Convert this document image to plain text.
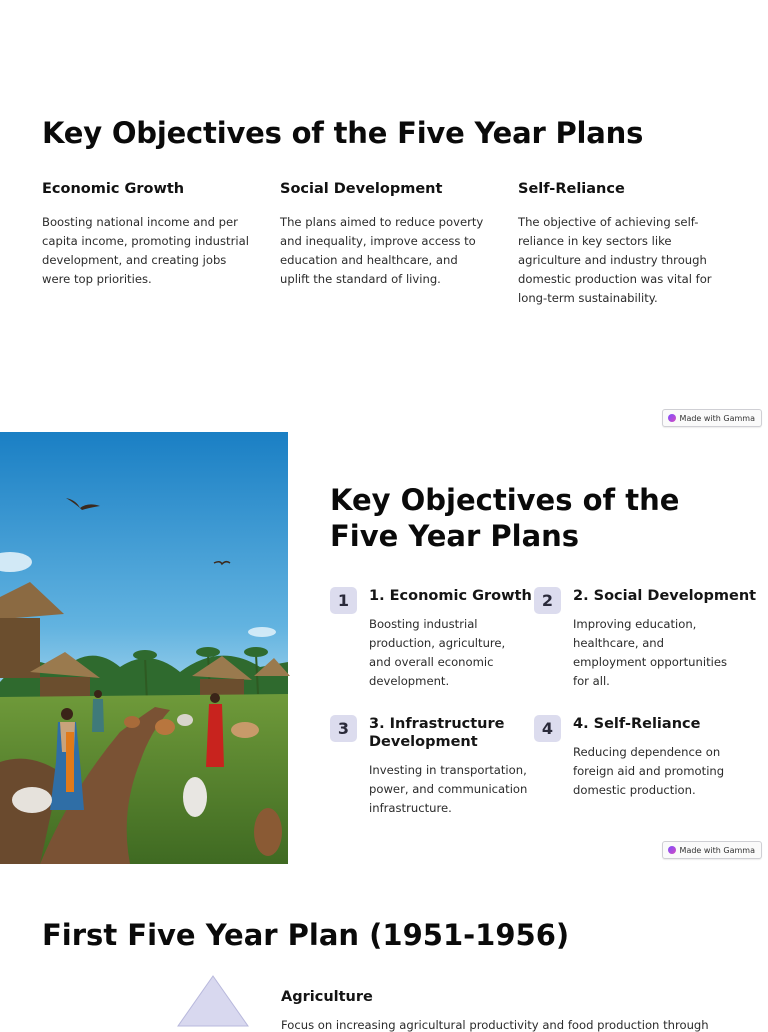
Key Objectives of the Five Year Plans
Economic Growth

Boosting national income and per capita income, promoting industrial development, and creating jobs were top priorities.

Social Development

The plans aimed to reduce poverty and inequality, improve access to education and healthcare, and uplift the standard of living.

Self-Reliance

The objective of achieving self-reliance in key sectors like agriculture and industry through domestic production was vital for long-term sustainability.

Made with Gamma
Key Objectives of the Five Year Plans
1	1. Economic Growth

Boosting industrial production, agriculture, and overall economic development.

2	2. Social Development

Improving education, healthcare, and employment opportunities for all.

3	3. Infrastructure Development

Investing in transportation, power, and communication infrastructure.

4	4. Self-Reliance

Reducing dependence on foreign aid and promoting domestic production.

Made with Gamma
First Five Year Plan (1951-1956)
Agriculture

Focus on increasing agricultural productivity and food production through
